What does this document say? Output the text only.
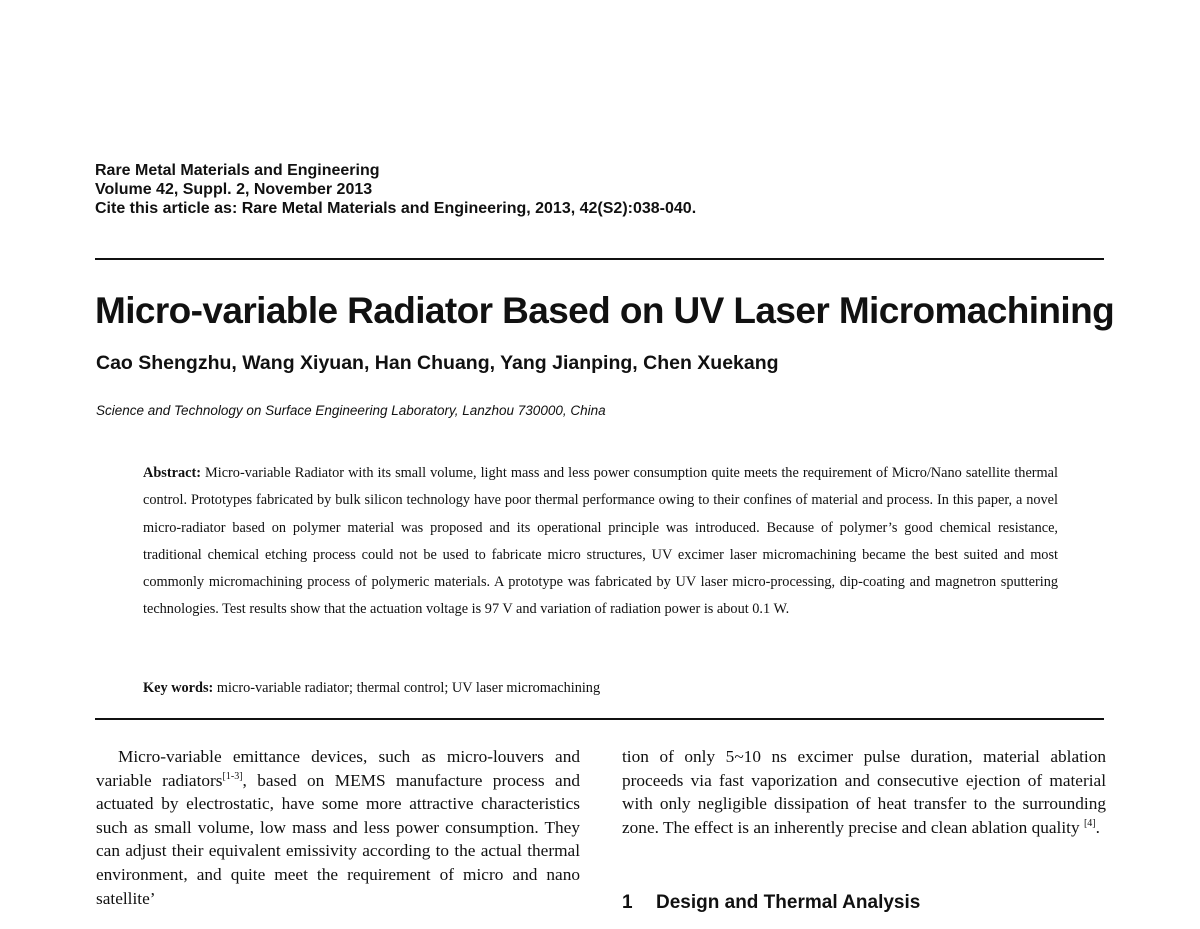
Rare Metal Materials and Engineering
Volume 42, Suppl. 2, November 2013
Cite this article as: Rare Metal Materials and Engineering, 2013, 42(S2):038-040.
Micro-variable Radiator Based on UV Laser Micromachining
Cao Shengzhu, Wang Xiyuan, Han Chuang, Yang Jianping, Chen Xuekang
Science and Technology on Surface Engineering Laboratory, Lanzhou 730000, China

Abstract: Micro-variable Radiator with its small volume, light mass and less power consumption quite meets the requirement of Micro/Nano satellite thermal control. Prototypes fabricated by bulk silicon technology have poor thermal performance owing to their confines of material and process. In this paper, a novel micro-radiator based on polymer material was proposed and its operational principle was introduced. Because of polymer’s good chemical resistance, traditional chemical etching process could not be used to fabricate micro structures, UV excimer laser micromachining became the best suited and most commonly micromachining process of polymeric materials. A prototype was fabricated by UV laser micro-processing, dip-coating and magnetron sputtering technologies. Test results show that the actuation voltage is 97 V and variation of radiation power is about 0.1 W.

Key words: micro-variable radiator; thermal control; UV laser micromachining

Micro-variable emittance devices, such as micro-louvers and variable radiators[1-3], based on MEMS manufacture process and actuated by electrostatic, have some more attractive characteristics such as small volume, low mass and less power consumption. They can adjust their equivalent emissivity according to the actual thermal environment, and quite meet the requirement of micro and nano satellite’

tion of only 5~10 ns excimer pulse duration, material ablation proceeds via fast vaporization and consecutive ejection of material with only negligible dissipation of heat transfer to the surrounding zone. The effect is an inherently precise and clean ablation quality [4].

1 Design and Thermal Analysis
